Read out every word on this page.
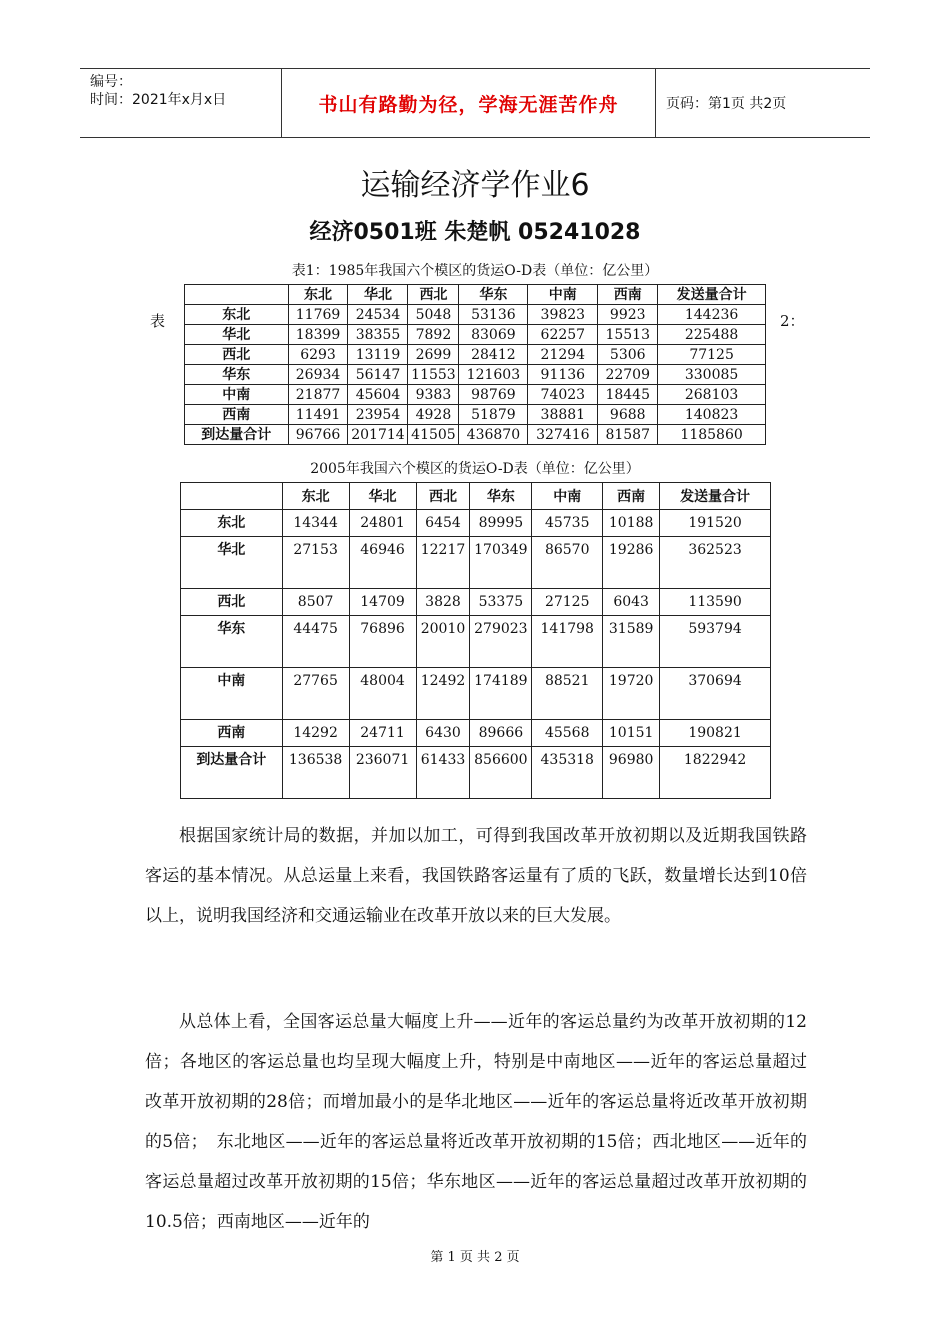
编号：
时间：2021年x月x日	书山有路勤为径，学海无涯苦作舟	页码：第1页 共2页
运输经济学作业6
经济0501班 朱楚帆 05241028
表1：1985年我国六个模区的货运O-D表（单位：亿公里）
表	2：
	东北	华北	西北	华东	中南	西南	发送量合计
东北	11769	24534	5048	53136	39823	9923	144236
华北	18399	38355	7892	83069	62257	15513	225488
西北	6293	13119	2699	28412	21294	5306	77125
华东	26934	56147	11553	121603	91136	22709	330085
中南	21877	45604	9383	98769	74023	18445	268103
西南	11491	23954	4928	51879	38881	9688	140823
到达量合计	96766	201714	41505	436870	327416	81587	1185860
2005年我国六个模区的货运O-D表（单位：亿公里）
	东北	华北	西北	华东	中南	西南	发送量合计
东北	14344	24801	6454	89995	45735	10188	191520
华北	27153	46946	12217	170349	86570	19286	362523
西北	8507	14709	3828	53375	27125	6043	113590
华东	44475	76896	20010	279023	141798	31589	593794
中南	27765	48004	12492	174189	88521	19720	370694
西南	14292	24711	6430	89666	45568	10151	190821
到达量合计	136538	236071	61433	856600	435318	96980	1822942

根据国家统计局的数据，并加以加工，可得到我国改革开放初期以及近期我国铁路客运的基本情况。从总运量上来看，我国铁路客运量有了质的飞跃，数量增长达到10倍以上，说明我国经济和交通运输业在改革开放以来的巨大发展。

从总体上看，全国客运总量大幅度上升——近年的客运总量约为改革开放初期的12倍；各地区的客运总量也均呈现大幅度上升，特别是中南地区——近年的客运总量超过改革开放初期的28倍；而增加最小的是华北地区——近年的客运总量将近改革开放初期的5倍；　东北地区——近年的客运总量将近改革开放初期的15倍；西北地区——近年的客运总量超过改革开放初期的15倍；华东地区——近年的客运总量超过改革开放初期的10.5倍；西南地区——近年的

第 1 页 共 2 页
